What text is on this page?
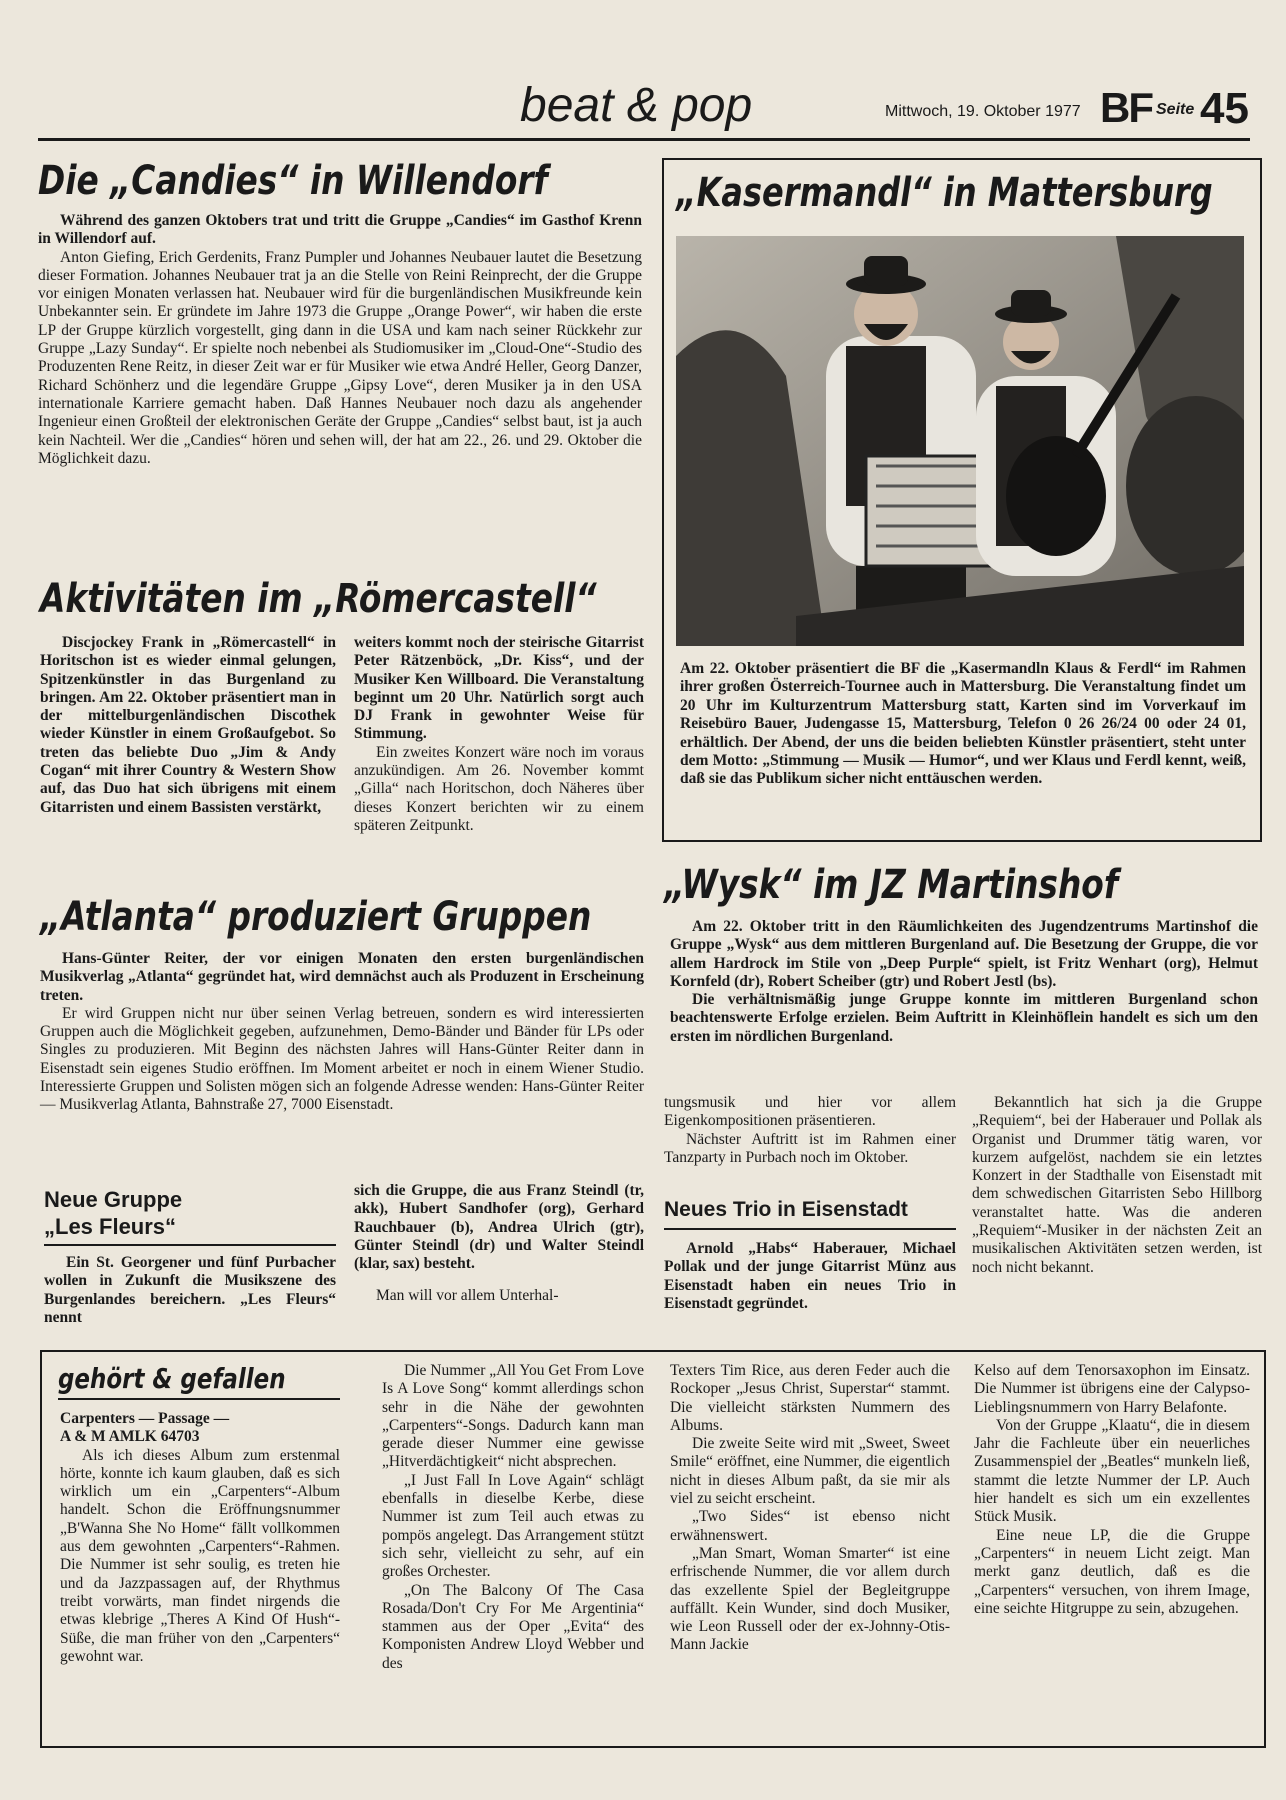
beat & pop	Mittwoch, 19. Oktober 1977 BF Seite 45
Die „Candies“ in Willendorf

Während des ganzen Oktobers trat und tritt die Gruppe „Candies“ im Gasthof Krenn in Willendorf auf.

Anton Giefing, Erich Gerdenits, Franz Pumpler und Johannes Neubauer lautet die Besetzung dieser Formation. Johannes Neubauer trat ja an die Stelle von Reini Reinprecht, der die Gruppe vor einigen Monaten verlassen hat. Neubauer wird für die burgenländischen Musikfreunde kein Unbekannter sein. Er gründete im Jahre 1973 die Gruppe „Orange Power“, wir haben die erste LP der Gruppe kürzlich vorgestellt, ging dann in die USA und kam nach seiner Rückkehr zur Gruppe „Lazy Sunday“. Er spielte noch nebenbei als Studiomusiker im „Cloud-One“-Studio des Produzenten Rene Reitz, in dieser Zeit war er für Musiker wie etwa André Heller, Georg Danzer, Richard Schönherz und die legendäre Gruppe „Gipsy Love“, deren Musiker ja in den USA internationale Karriere gemacht haben. Daß Hannes Neubauer noch dazu als angehender Ingenieur einen Großteil der elektronischen Geräte der Gruppe „Candies“ selbst baut, ist ja auch kein Nachteil. Wer die „Candies“ hören und sehen will, der hat am 22., 26. und 29. Oktober die Möglichkeit dazu.

Aktivitäten im „Römercastell“

Discjockey Frank in „Römercastell“ in Horitschon ist es wieder einmal gelungen, Spitzenkünstler in das Burgenland zu bringen. Am 22. Oktober präsentiert man in der mittelburgenländischen Discothek wieder Künstler in einem Großaufgebot. So treten das beliebte Duo „Jim & Andy Cogan“ mit ihrer Country & Western Show auf, das Duo hat sich übrigens mit einem Gitarristen und einem Bassisten verstärkt,

weiters kommt noch der steirische Gitarrist Peter Rätzenböck, „Dr. Kiss“, und der Musiker Ken Willboard. Die Veranstaltung beginnt um 20 Uhr. Natürlich sorgt auch DJ Frank in gewohnter Weise für Stimmung.

Ein zweites Konzert wäre noch im voraus anzukündigen. Am 26. November kommt „Gilla“ nach Horitschon, doch Näheres über dieses Konzert berichten wir zu einem späteren Zeitpunkt.

„Kasermandl“ in Mattersburg

Am 22. Oktober präsentiert die BF die „Kasermandln Klaus & Ferdl“ im Rahmen ihrer großen Österreich-Tournee auch in Mattersburg. Die Veranstaltung findet um 20 Uhr im Kulturzentrum Mattersburg statt, Karten sind im Vorverkauf im Reisebüro Bauer, Judengasse 15, Mattersburg, Telefon 0 26 26/24 00 oder 24 01, erhältlich. Der Abend, der uns die beiden beliebten Künstler präsentiert, steht unter dem Motto: „Stimmung — Musik — Humor“, und wer Klaus und Ferdl kennt, weiß, daß sie das Publikum sicher nicht enttäuschen werden.

„Atlanta“ produziert Gruppen

Hans-Günter Reiter, der vor einigen Monaten den ersten burgenländischen Musikverlag „Atlanta“ gegründet hat, wird demnächst auch als Produzent in Erscheinung treten.

Er wird Gruppen nicht nur über seinen Verlag betreuen, sondern es wird interessierten Gruppen auch die Möglichkeit gegeben, aufzunehmen, Demo-Bänder und Bänder für LPs oder Singles zu produzieren. Mit Beginn des nächsten Jahres will Hans-Günter Reiter dann in Eisenstadt sein eigenes Studio eröffnen. Im Moment arbeitet er noch in einem Wiener Studio. Interessierte Gruppen und Solisten mögen sich an folgende Adresse wenden: Hans-Günter Reiter — Musikverlag Atlanta, Bahnstraße 27, 7000 Eisenstadt.

Neue Gruppe
„Les Fleurs“

Ein St. Georgener und fünf Purbacher wollen in Zukunft die Musikszene des Burgenlandes bereichern. „Les Fleurs“ nennt

sich die Gruppe, die aus Franz Steindl (tr, akk), Hubert Sandhofer (org), Gerhard Rauchbauer (b), Andrea Ulrich (gtr), Günter Steindl (dr) und Walter Steindl (klar, sax) besteht.

Man will vor allem Unterhal-

„Wysk“ im JZ Martinshof

Am 22. Oktober tritt in den Räumlichkeiten des Jugendzentrums Martinshof die Gruppe „Wysk“ aus dem mittleren Burgenland auf. Die Besetzung der Gruppe, die vor allem Hardrock im Stile von „Deep Purple“ spielt, ist Fritz Wenhart (org), Helmut Kornfeld (dr), Robert Scheiber (gtr) und Robert Jestl (bs).

Die verhältnismäßig junge Gruppe konnte im mittleren Burgenland schon beachtenswerte Erfolge erzielen. Beim Auftritt in Kleinhöflein handelt es sich um den ersten im nördlichen Burgenland.

tungsmusik und hier vor allem Eigenkompositionen präsentieren.

Nächster Auftritt ist im Rahmen einer Tanzparty in Purbach noch im Oktober.

Neues Trio in Eisenstadt

Arnold „Habs“ Haberauer, Michael Pollak und der junge Gitarrist Münz aus Eisenstadt haben ein neues Trio in Eisenstadt gegründet.

Bekanntlich hat sich ja die Gruppe „Requiem“, bei der Haberauer und Pollak als Organist und Drummer tätig waren, vor kurzem aufgelöst, nachdem sie ein letztes Konzert in der Stadthalle von Eisenstadt mit dem schwedischen Gitarristen Sebo Hillborg veranstaltet hatte. Was die anderen „Requiem“-Musiker in der nächsten Zeit an musikalischen Aktivitäten setzen werden, ist noch nicht bekannt.

gehört & gefallen

Carpenters — Passage —

A & M AMLK 64703

Als ich dieses Album zum erstenmal hörte, konnte ich kaum glauben, daß es sich wirklich um ein „Carpenters“-Album handelt. Schon die Eröffnungsnummer „B'Wanna She No Home“ fällt vollkommen aus dem gewohnten „Carpenters“-Rahmen. Die Nummer ist sehr soulig, es treten hie und da Jazzpassagen auf, der Rhythmus treibt vorwärts, man findet nirgends die etwas klebrige „Theres A Kind Of Hush“-Süße, die man früher von den „Carpenters“ gewohnt war.

Die Nummer „All You Get From Love Is A Love Song“ kommt allerdings schon sehr in die Nähe der gewohnten „Carpenters“-Songs. Dadurch kann man gerade dieser Nummer eine gewisse „Hitverdächtigkeit“ nicht absprechen.

„I Just Fall In Love Again“ schlägt ebenfalls in dieselbe Kerbe, diese Nummer ist zum Teil auch etwas zu pompös angelegt. Das Arrangement stützt sich sehr, vielleicht zu sehr, auf ein großes Orchester.

„On The Balcony Of The Casa Rosada/Don't Cry For Me Argentinia“ stammen aus der Oper „Evita“ des Komponisten Andrew Lloyd Webber und des

Texters Tim Rice, aus deren Feder auch die Rockoper „Jesus Christ, Superstar“ stammt. Die vielleicht stärksten Nummern des Albums.

Die zweite Seite wird mit „Sweet, Sweet Smile“ eröffnet, eine Nummer, die eigentlich nicht in dieses Album paßt, da sie mir als viel zu seicht erscheint.

„Two Sides“ ist ebenso nicht erwähnenswert.

„Man Smart, Woman Smarter“ ist eine erfrischende Nummer, die vor allem durch das exzellente Spiel der Begleitgruppe auffällt. Kein Wunder, sind doch Musiker, wie Leon Russell oder der ex-Johnny-Otis-Mann Jackie

Kelso auf dem Tenorsaxophon im Einsatz. Die Nummer ist übrigens eine der Calypso-Lieblingsnummern von Harry Belafonte.

Von der Gruppe „Klaatu“, die in diesem Jahr die Fachleute über ein neuerliches Zusammenspiel der „Beatles“ munkeln ließ, stammt die letzte Nummer der LP. Auch hier handelt es sich um ein exzellentes Stück Musik.

Eine neue LP, die die Gruppe „Carpenters“ in neuem Licht zeigt. Man merkt ganz deutlich, daß es die „Carpenters“ versuchen, von ihrem Image, eine seichte Hitgruppe zu sein, abzugehen.
